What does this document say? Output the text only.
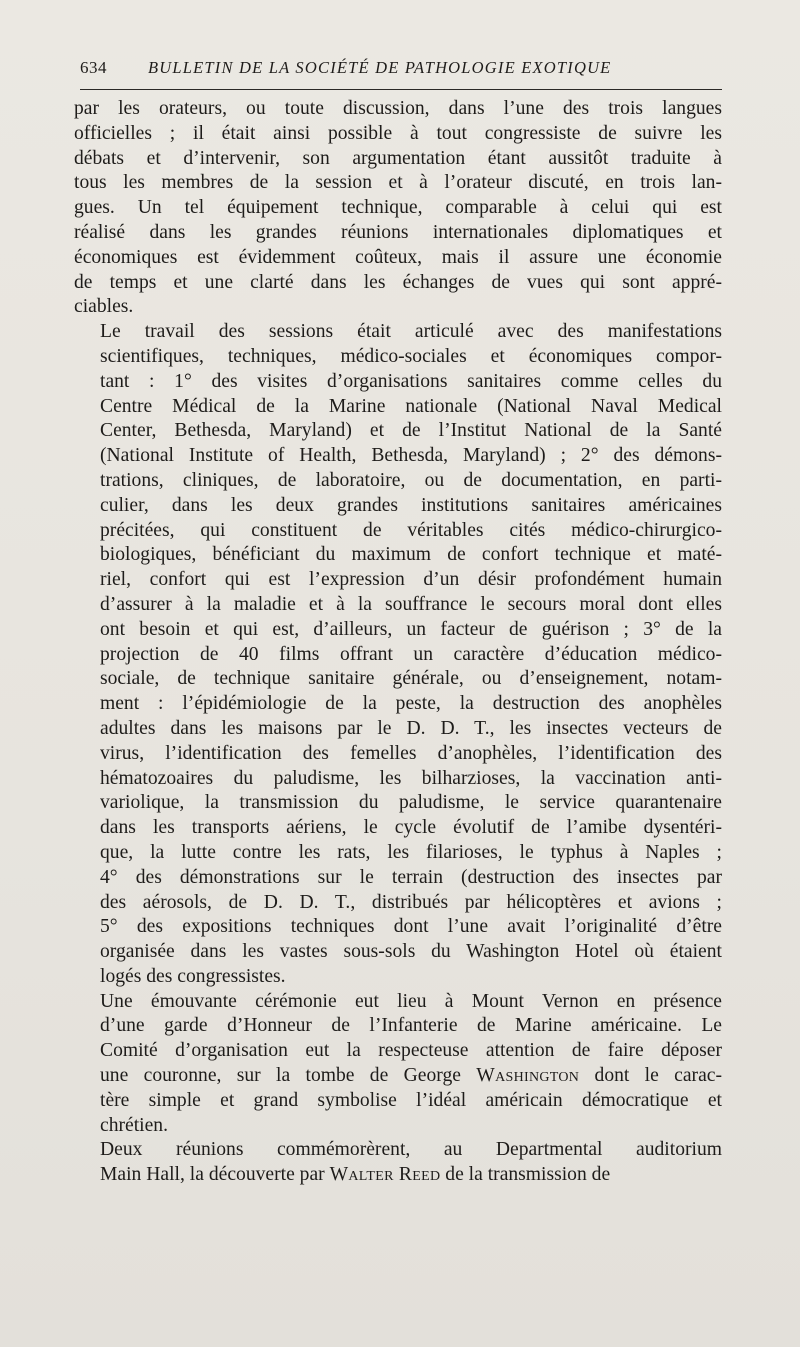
634 BULLETIN DE LA SOCIÉTÉ DE PATHOLOGIE EXOTIQUE

par les orateurs, ou toute discussion, dans l’une des trois langues
officielles ; il était ainsi possible à tout congressiste de suivre les
débats et d’intervenir, son argumentation étant aussitôt traduite à
tous les membres de la session et à l’orateur discuté, en trois lan-
gues. Un tel équipement technique, comparable à celui qui est
réalisé dans les grandes réunions internationales diplomatiques et
économiques est évidemment coûteux, mais il assure une économie
de temps et une clarté dans les échanges de vues qui sont appré-
ciables.

Le travail des sessions était articulé avec des manifestations
scientifiques, techniques, médico-sociales et économiques compor-
tant : 1° des visites d’organisations sanitaires comme celles du
Centre Médical de la Marine nationale (National Naval Medical
Center, Bethesda, Maryland) et de l’Institut National de la Santé
(National Institute of Health, Bethesda, Maryland) ; 2° des démons-
trations, cliniques, de laboratoire, ou de documentation, en parti-
culier, dans les deux grandes institutions sanitaires américaines
précitées, qui constituent de véritables cités médico-chirurgico-
biologiques, bénéficiant du maximum de confort technique et maté-
riel, confort qui est l’expression d’un désir profondément humain
d’assurer à la maladie et à la souffrance le secours moral dont elles
ont besoin et qui est, d’ailleurs, un facteur de guérison ; 3° de la
projection de 40 films offrant un caractère d’éducation médico-
sociale, de technique sanitaire générale, ou d’enseignement, notam-
ment : l’épidémiologie de la peste, la destruction des anophèles
adultes dans les maisons par le D. D. T., les insectes vecteurs de
virus, l’identification des femelles d’anophèles, l’identification des
hématozoaires du paludisme, les bilharzioses, la vaccination anti-
variolique, la transmission du paludisme, le service quarantenaire
dans les transports aériens, le cycle évolutif de l’amibe dysentéri-
que, la lutte contre les rats, les filarioses, le typhus à Naples ;
4° des démonstrations sur le terrain (destruction des insectes par
des aérosols, de D. D. T., distribués par hélicoptères et avions ;
5° des expositions techniques dont l’une avait l’originalité d’être
organisée dans les vastes sous-sols du Washington Hotel où étaient
logés des congressistes.

Une émouvante cérémonie eut lieu à Mount Vernon en présence
d’une garde d’Honneur de l’Infanterie de Marine américaine. Le
Comité d’organisation eut la respecteuse attention de faire déposer
une couronne, sur la tombe de George Washington dont le carac-
tère simple et grand symbolise l’idéal américain démocratique et
chrétien.

Deux réunions commémorèrent, au Departmental auditorium
Main Hall, la découverte par Walter Reed de la transmission de
